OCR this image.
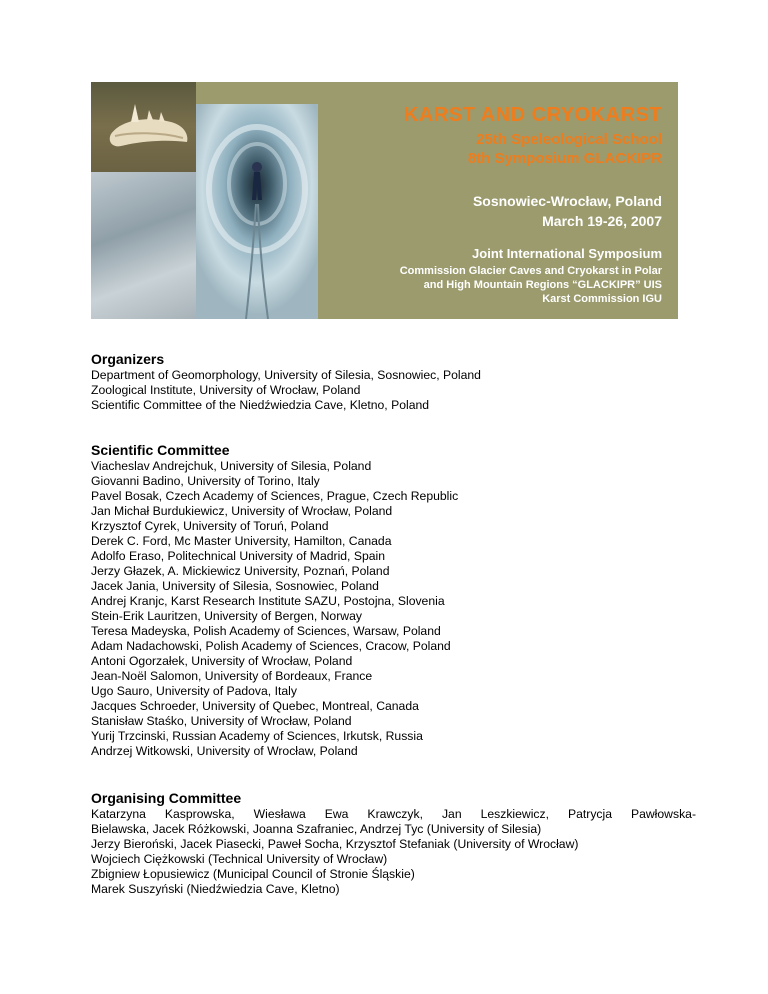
KARST AND CRYOKARST
25th Speleological School
8th Symposium GLACKIPR
Sosnowiec-Wrocław, Poland
March 19-26, 2007
Joint International Symposium
Commission Glacier Caves and Cryokarst in Polar
and High Mountain Regions “GLACKIPR” UIS
Karst Commission IGU
Organizers
Department of Geomorphology, University of Silesia, Sosnowiec, Poland
Zoological Institute, University of Wrocław, Poland
Scientific Committee of the Niedźwiedzia Cave, Kletno, Poland
Scientific Committee
Viacheslav Andrejchuk, University of Silesia, Poland
Giovanni Badino, University of Torino, Italy
Pavel Bosak, Czech Academy of Sciences, Prague, Czech Republic
Jan Michał Burdukiewicz, University of Wrocław, Poland
Krzysztof Cyrek, University of Toruń, Poland
Derek C. Ford, Mc Master University, Hamilton, Canada
Adolfo Eraso, Politechnical University of Madrid, Spain
Jerzy Głazek, A. Mickiewicz University, Poznań, Poland
Jacek Jania, University of Silesia, Sosnowiec, Poland
Andrej Kranjc, Karst Research Institute SAZU, Postojna, Slovenia
Stein-Erik Lauritzen, University of Bergen, Norway
Teresa Madeyska, Polish Academy of Sciences, Warsaw, Poland
Adam Nadachowski, Polish Academy of Sciences, Cracow, Poland
Antoni Ogorzałek, University of Wrocław, Poland
Jean-Noël Salomon, University of Bordeaux, France
Ugo Sauro, University of Padova, Italy
Jacques Schroeder, University of Quebec, Montreal, Canada
Stanisław Staśko, University of Wrocław, Poland
Yurij Trzcinski, Russian Academy of Sciences, Irkutsk, Russia
Andrzej Witkowski, University of Wrocław, Poland
Organising Committee
Katarzyna Kasprowska, Wiesława Ewa Krawczyk, Jan Leszkiewicz, Patrycja Pawłowska-
Bielawska, Jacek Różkowski, Joanna Szafraniec, Andrzej Tyc (University of Silesia)
Jerzy Bieroński, Jacek Piasecki, Paweł Socha, Krzysztof Stefaniak (University of Wrocław)
Wojciech Ciężkowski (Technical University of Wrocław)
Zbigniew Łopusiewicz (Municipal Council of Stronie Śląskie)
Marek Suszyński (Niedźwiedzia Cave, Kletno)
